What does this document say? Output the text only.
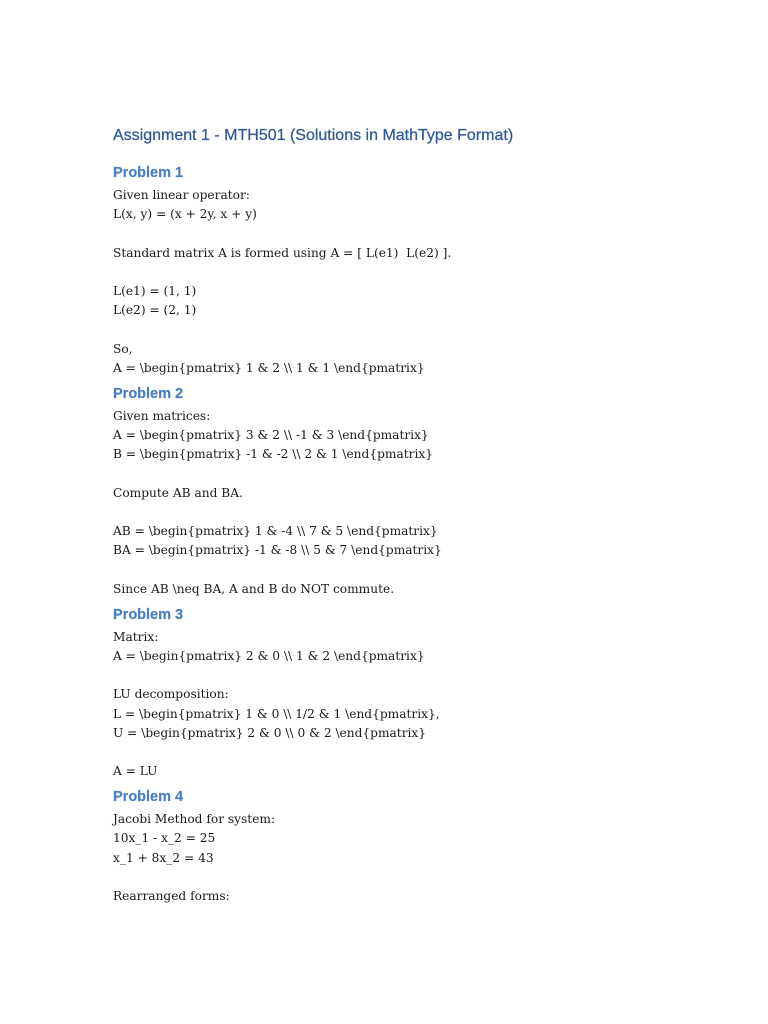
Assignment 1 - MTH501 (Solutions in MathType Format)
Problem 1
Given linear operator:
L(x, y) = (x + 2y, x + y)
Standard matrix A is formed using A = [ L(e1)  L(e2) ].
L(e1) = (1, 1)
L(e2) = (2, 1)
So,
A = \begin{pmatrix} 1 & 2 \\ 1 & 1 \end{pmatrix}
Problem 2
Given matrices:
A = \begin{pmatrix} 3 & 2 \\ -1 & 3 \end{pmatrix}
B = \begin{pmatrix} -1 & -2 \\ 2 & 1 \end{pmatrix}
Compute AB and BA.
AB = \begin{pmatrix} 1 & -4 \\ 7 & 5 \end{pmatrix}
BA = \begin{pmatrix} -1 & -8 \\ 5 & 7 \end{pmatrix}
Since AB \neq BA, A and B do NOT commute.
Problem 3
Matrix:
A = \begin{pmatrix} 2 & 0 \\ 1 & 2 \end{pmatrix}
LU decomposition:
L = \begin{pmatrix} 1 & 0 \\ 1/2 & 1 \end{pmatrix},
U = \begin{pmatrix} 2 & 0 \\ 0 & 2 \end{pmatrix}
A = LU
Problem 4
Jacobi Method for system:
10x_1 - x_2 = 25
x_1 + 8x_2 = 43
Rearranged forms:
